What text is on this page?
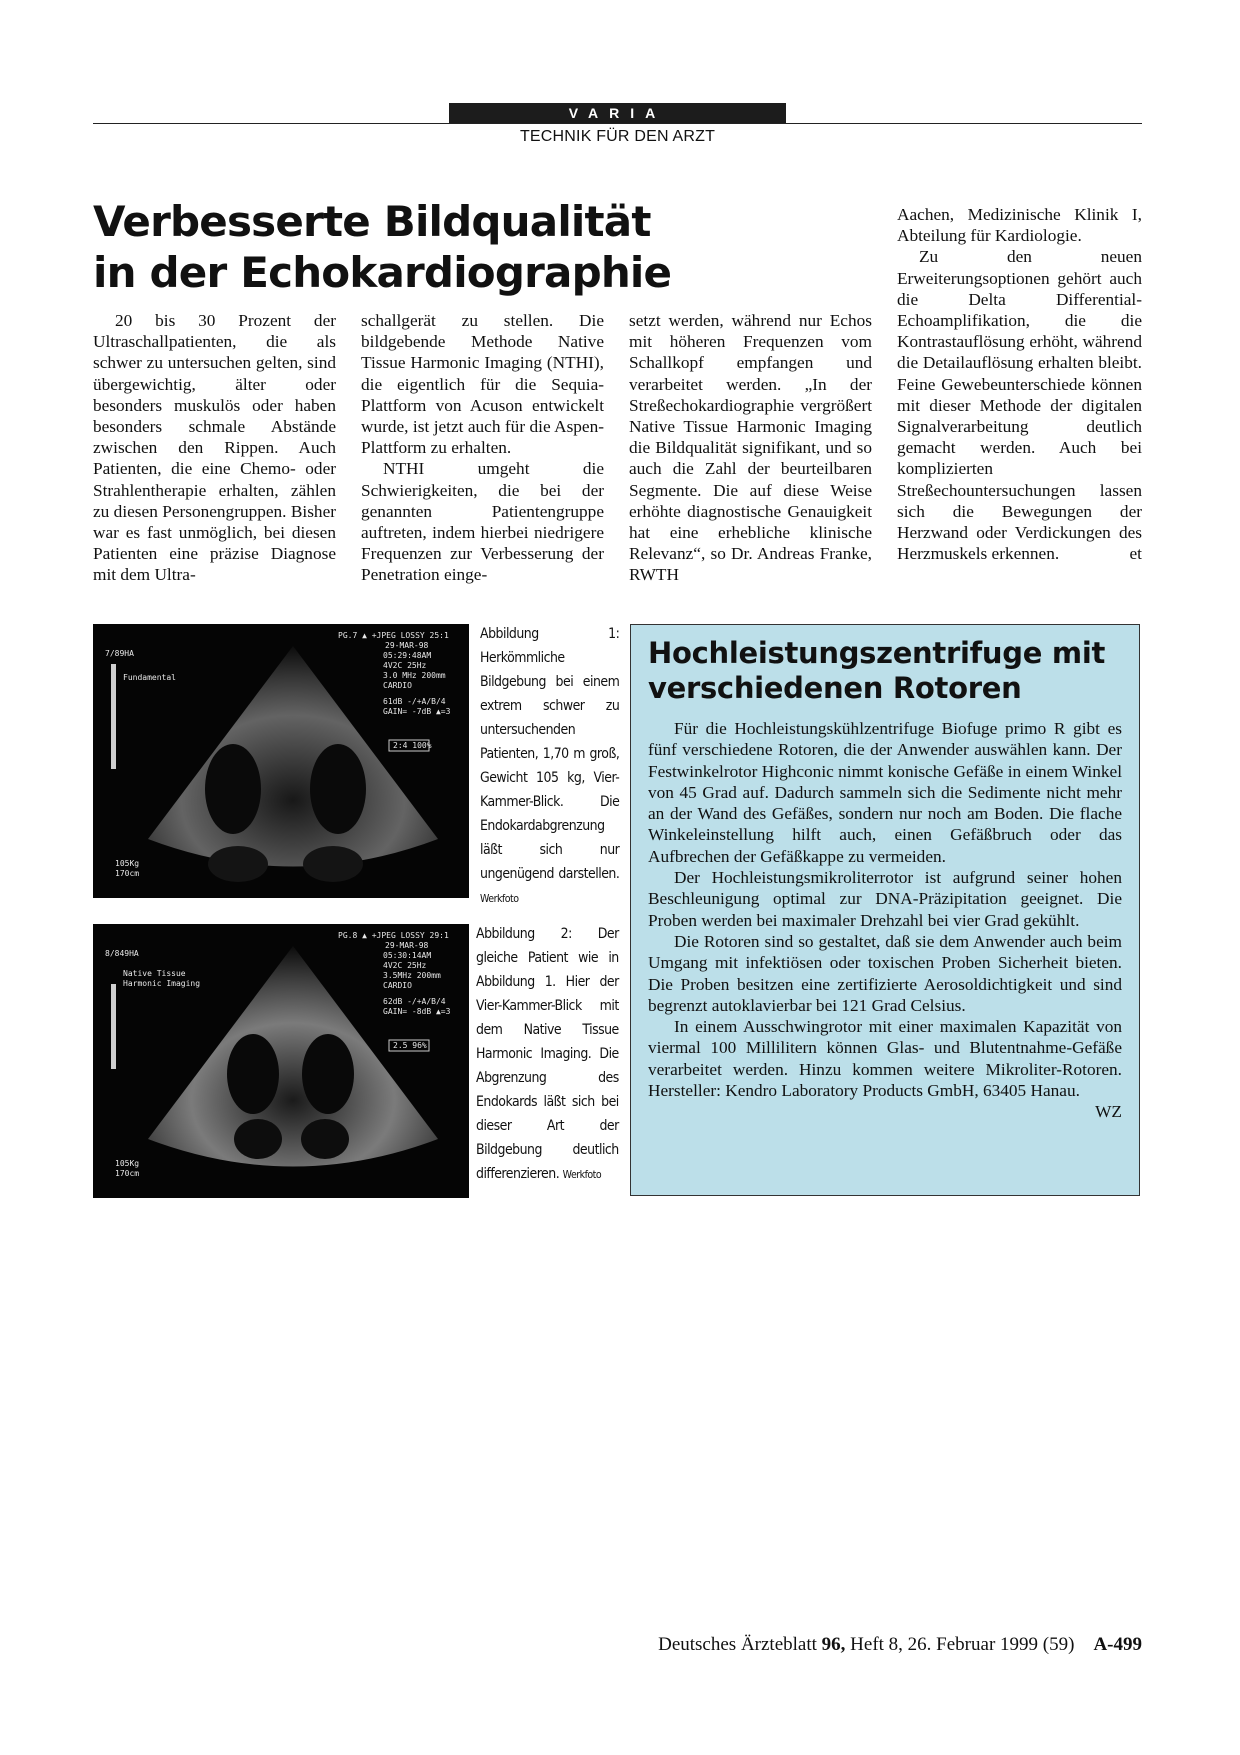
VARIA
TECHNIK FÜR DEN ARZT
Verbesserte Bildqualität
in der Echokardiographie

20 bis 30 Prozent der Ultraschallpatienten, die als schwer zu untersuchen gelten, sind übergewichtig, älter oder besonders muskulös oder haben besonders schmale Abstände zwischen den Rippen. Auch Patienten, die eine Chemo- oder Strahlentherapie erhalten, zählen zu diesen Personengruppen. Bisher war es fast unmöglich, bei diesen Patienten eine präzise Diagnose mit dem Ultra-

schallgerät zu stellen. Die bildgebende Methode Native Tissue Harmonic Imaging (NTHI), die eigentlich für die Sequia-Plattform von Acuson entwickelt wurde, ist jetzt auch für die Aspen-Plattform zu erhalten.

NTHI umgeht die Schwierigkeiten, die bei der genannten Patientengruppe auftreten, indem hierbei niedrigere Frequenzen zur Verbesserung der Penetration einge-

setzt werden, während nur Echos mit höheren Frequenzen vom Schallkopf empfangen und verarbeitet werden. „In der Streßechokardiographie vergrößert Native Tissue Harmonic Imaging die Bildqualität signifikant, und so auch die Zahl der beurteilbaren Segmente. Die auf diese Weise erhöhte diagnostische Genauigkeit hat eine erhebliche klinische Relevanz“, so Dr. Andreas Franke, RWTH

Aachen, Medizinische Klinik I, Abteilung für Kardiologie.

Zu den neuen Erweiterungsoptionen gehört auch die Delta Differential-Echoamplifikation, die die Kontrastauflösung erhöht, während die Detailauflösung erhalten bleibt. Feine Gewebeunterschiede können mit dieser Methode der digitalen Signalverarbeitung deutlich gemacht werden. Auch bei komplizierten Streßechountersuchungen lassen sich die Bewegungen der Herzwand oder Verdickungen des Herzmuskels erkennen.	et

7/89HA
Fundamental
PG.7 ▲ +JPEG LOSSY 25:1
29-MAR-98
05:29:48AM
4V2C 25Hz
3.0 MHz 200mm
CARDIO
61dB -/+A/B/4
GAIN= -7dB ▲=3
2:4 100%
105Kg
170cm
Abbildung 1: Herkömmliche Bildgebung bei einem extrem schwer zu untersuchenden Patienten, 1,70 m groß, Gewicht 105 kg, Vier-Kammer-Blick. Die Endokardabgrenzung läßt sich nur ungenügend darstellen. Werkfoto
8/849HA
Native Tissue
Harmonic Imaging
PG.8 ▲ +JPEG LOSSY 29:1
29-MAR-98
05:30:14AM
4V2C 25Hz
3.5MHz 200mm
CARDIO
62dB -/+A/B/4
GAIN= -8dB ▲=3
2.5 96%
105Kg
170cm
Abbildung 2: Der gleiche Patient wie in Abbildung 1. Hier der Vier-Kammer-Blick mit dem Native Tissue Harmonic Imaging. Die Abgrenzung des Endokards läßt sich bei dieser Art der Bildgebung deutlich differenzieren. Werkfoto
Hochleistungszentrifuge mit verschiedenen Rotoren

Für die Hochleistungskühlzentrifuge Biofuge primo R gibt es fünf verschiedene Rotoren, die der Anwender auswählen kann. Der Festwinkelrotor Highconic nimmt konische Gefäße in einem Winkel von 45 Grad auf. Dadurch sammeln sich die Sedimente nicht mehr an der Wand des Gefäßes, sondern nur noch am Boden. Die flache Winkeleinstellung hilft auch, einen Gefäßbruch oder das Aufbrechen der Gefäßkappe zu vermeiden.

Der Hochleistungsmikroliterrotor ist aufgrund seiner hohen Beschleunigung optimal zur DNA-Präzipitation geeignet. Die Proben werden bei maximaler Drehzahl bei vier Grad gekühlt.

Die Rotoren sind so gestaltet, daß sie dem Anwender auch beim Umgang mit infektiösen oder toxischen Proben Sicherheit bieten. Die Proben besitzen eine zertifizierte Aerosoldichtigkeit und sind begrenzt autoklavierbar bei 121 Grad Celsius.

In einem Ausschwingrotor mit einer maximalen Kapazität von viermal 100 Millilitern können Glas- und Blutentnahme-Gefäße verarbeitet werden. Hinzu kommen weitere Mikroliter-Rotoren. Hersteller: Kendro Laboratory Products GmbH, 63405 Hanau.
WZ

Deutsches Ärzteblatt 96, Heft 8, 26. Februar 1999 (59) A-499
